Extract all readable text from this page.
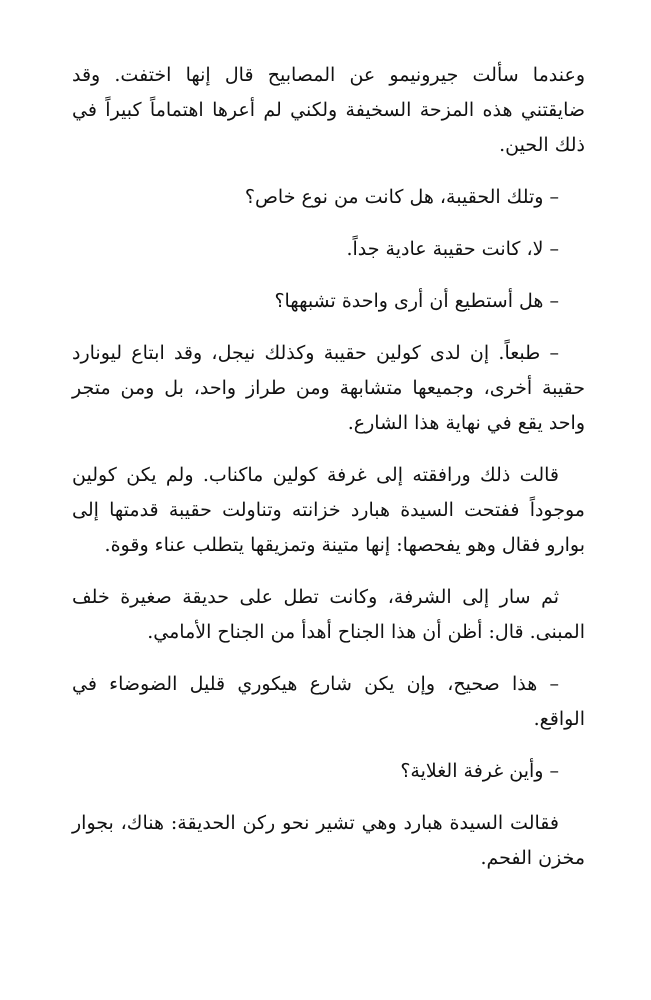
وعندما سألت جيرونيمو عن المصابيح قال إنها اختفت. وقد ضايقتني هذه المزحة السخيفة ولكني لم أعرها اهتماماً كبيراً في ذلك الحين.

– وتلك الحقيبة، هل كانت من نوع خاص؟

– لا، كانت حقيبة عادية جداً.

– هل أستطيع أن أرى واحدة تشبهها؟

– طبعاً. إن لدى كولين حقيبة وكذلك نيجل، وقد ابتاع ليونارد حقيبة أخرى، وجميعها متشابهة ومن طراز واحد، بل ومن متجر واحد يقع في نهاية هذا الشارع.

قالت ذلك ورافقته إلى غرفة كولين ماكناب. ولم يكن كولين موجوداً ففتحت السيدة هبارد خزانته وتناولت حقيبة قدمتها إلى بوارو فقال وهو يفحصها: إنها متينة وتمزيقها يتطلب عناء وقوة.

ثم سار إلى الشرفة، وكانت تطل على حديقة صغيرة خلف المبنى. قال: أظن أن هذا الجناح أهدأ من الجناح الأمامي.

– هذا صحيح، وإن يكن شارع هيكوري قليل الضوضاء في الواقع.

– وأين غرفة الغلاية؟

فقالت السيدة هبارد وهي تشير نحو ركن الحديقة: هناك، بجوار مخزن الفحم.
